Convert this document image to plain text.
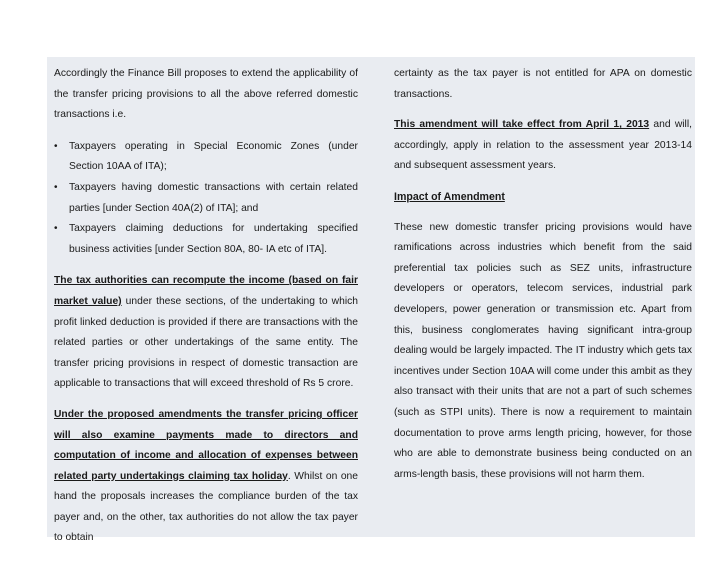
Accordingly the Finance Bill proposes to extend the applicability of the transfer pricing provisions to all the above referred domestic transactions i.e.

• Taxpayers operating in Special Economic Zones (under Section 10AA of ITA);
• Taxpayers having domestic transactions with certain related parties [under Section 40A(2) of ITA]; and
• Taxpayers claiming deductions for undertaking specified business activities [under Section 80A, 80- IA etc of ITA].

The tax authorities can recompute the income (based on fair market value) under these sections, of the undertaking to which profit linked deduction is provided if there are transactions with the related parties or other undertakings of the same entity. The transfer pricing provisions in respect of domestic transaction are applicable to transactions that will exceed threshold of Rs 5 crore.

Under the proposed amendments the transfer pricing officer will also examine payments made to directors and computation of income and allocation of expenses between related party undertakings claiming tax holiday. Whilst on one hand the proposals increases the compliance burden of the tax payer and, on the other, tax authorities do not allow the tax payer to obtain

certainty as the tax payer is not entitled for APA on domestic transactions.

This amendment will take effect from April 1, 2013 and will, accordingly, apply in relation to the assessment year 2013-14 and subsequent assessment years.

Impact of Amendment

These new domestic transfer pricing provisions would have ramifications across industries which benefit from the said preferential tax policies such as SEZ units, infrastructure developers or operators, telecom services, industrial park developers, power generation or transmission etc. Apart from this, business conglomerates having significant intra-group dealing would be largely impacted. The IT industry which gets tax incentives under Section 10AA will come under this ambit as they also transact with their units that are not a part of such schemes (such as STPI units). There is now a requirement to maintain documentation to prove arms length pricing, however, for those who are able to demonstrate business being conducted on an arms-length basis, these provisions will not harm them.
